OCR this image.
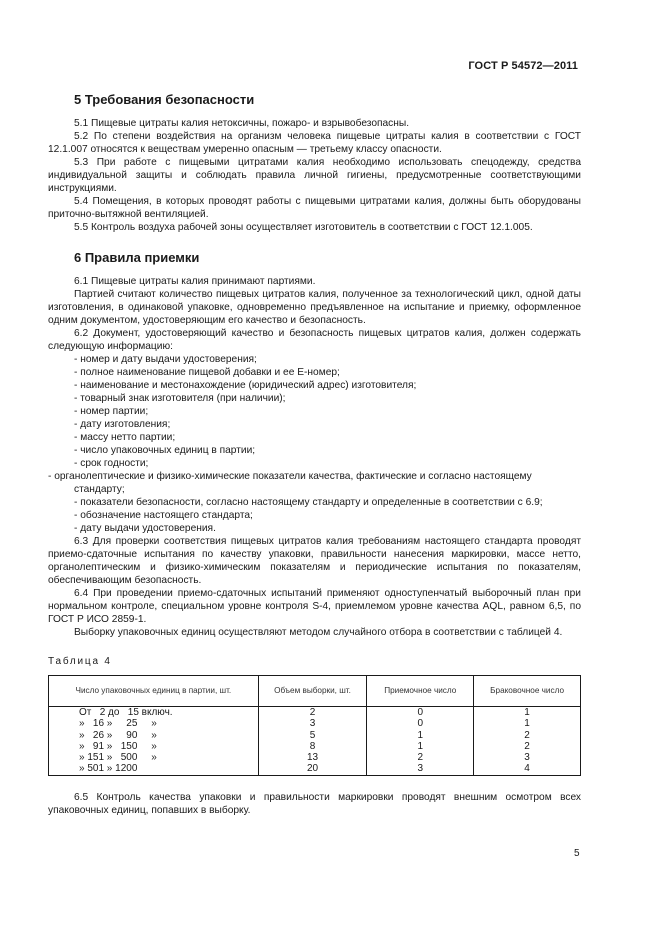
ГОСТ Р 54572—2011
5 Требования безопасности

5.1 Пищевые цитраты калия нетоксичны, пожаро- и взрывобезопасны.

5.2 По степени воздействия на организм человека пищевые цитраты калия в соответствии с ГОСТ 12.1.007 относятся к веществам умеренно опасным — третьему классу опасности.

5.3 При работе с пищевыми цитратами калия необходимо использовать спецодежду, средства индивидуальной защиты и соблюдать правила личной гигиены, предусмотренные соответствующими инструкциями.

5.4 Помещения, в которых проводят работы с пищевыми цитратами калия, должны быть оборудованы приточно-вытяжной вентиляцией.

5.5 Контроль воздуха рабочей зоны осуществляет изготовитель в соответствии с ГОСТ 12.1.005.

6 Правила приемки

6.1 Пищевые цитраты калия принимают партиями.

Партией считают количество пищевых цитратов калия, полученное за технологический цикл, одной даты изготовления, в одинаковой упаковке, одновременно предъявленное на испытание и приемку, оформленное одним документом, удостоверяющим его качество и безопасность.

6.2 Документ, удостоверяющий качество и безопасность пищевых цитратов калия, должен содержать следующую информацию:

- номер и дату выдачи удостоверения;

- полное наименование пищевой добавки и ее Е-номер;

- наименование и местонахождение (юридический адрес) изготовителя;

- товарный знак изготовителя (при наличии);

- номер партии;

- дату изготовления;

- массу нетто партии;

- число упаковочных единиц в партии;

- срок годности;

- органолептические и физико-химические показатели качества, фактические и согласно настоящему стандарту;

- показатели безопасности, согласно настоящему стандарту и определенные в соответствии с 6.9;

- обозначение настоящего стандарта;

- дату выдачи удостоверения.

6.3 Для проверки соответствия пищевых цитратов калия требованиям настоящего стандарта проводят приемо-сдаточные испытания по качеству упаковки, правильности нанесения маркировки, массе нетто, органолептическим и физико-химическим показателям и периодические испытания по показателям, обеспечивающим безопасность.

6.4 При проведении приемо-сдаточных испытаний применяют одноступенчатый выборочный план при нормальном контроле, специальном уровне контроля S-4, приемлемом уровне качества AQL, равном 6,5, по ГОСТ Р ИСО 2859-1.

Выборку упаковочных единиц осуществляют методом случайного отбора в соответствии с таблицей 4.

Таблица 4
Число упаковочных единиц в партии, шт.	Объем выборки, шт.	Приемочное число	Браковочное число
От   2 до   15 включ.	2	0	1
»   16 »     25     »	3	0	1
»   26 »     90     »	5	1	2
»   91 »   150     »	8	1	2
» 151 »   500     »	13	2	3
» 501 » 1200	20	3	4

6.5 Контроль качества упаковки и правильности маркировки проводят внешним осмотром всех упаковочных единиц, попавших в выборку.

5
